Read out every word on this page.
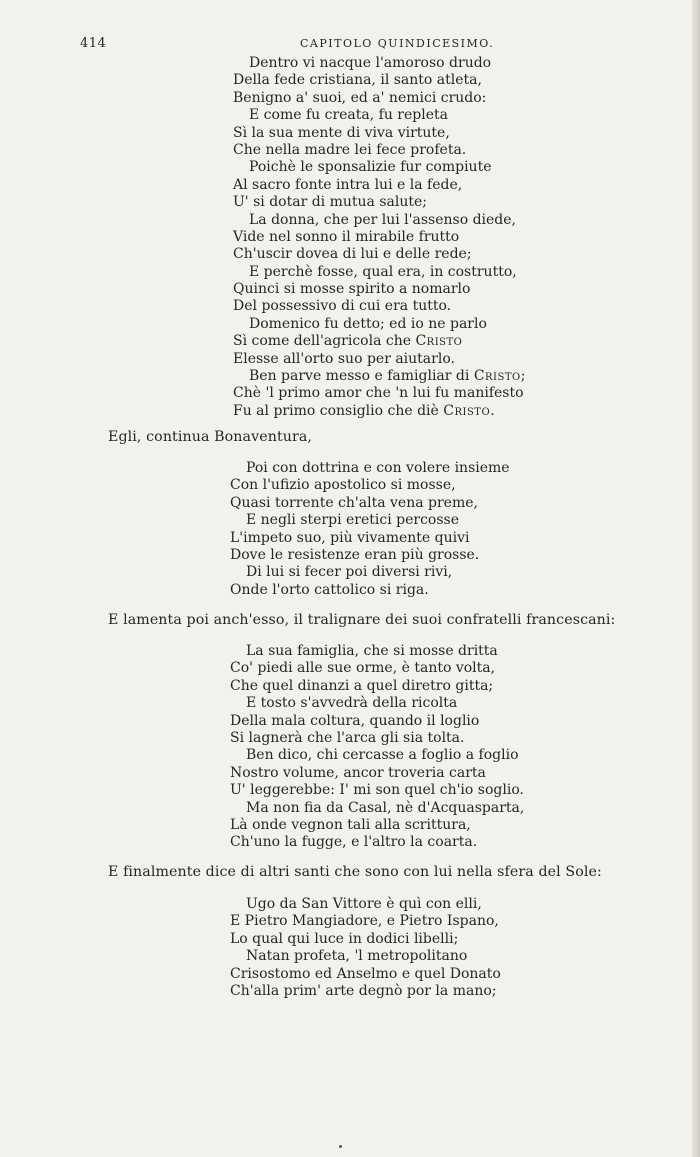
414	CAPITOLO QUINDICESIMO.
Dentro vi nacque l'amoroso drudo
Della fede cristiana, il santo atleta,
Benigno a' suoi, ed a' nemici crudo:
E come fu creata, fu repleta
Sì la sua mente di viva virtute,
Che nella madre lei fece profeta.
Poichè le sponsalizie fur compiute
Al sacro fonte intra lui e la fede,
U' si dotar di mutua salute;
La donna, che per lui l'assenso diede,
Vide nel sonno il mirabile frutto
Ch'uscir dovea di lui e delle rede;
E perchè fosse, qual era, in costrutto,
Quinci si mosse spirito a nomarlo
Del possessivo di cui era tutto.
Domenico fu detto; ed io ne parlo
Sì come dell'agricola che Cristo
Elesse all'orto suo per aiutarlo.
Ben parve messo e famigliar di Cristo;
Chè 'l primo amor che 'n lui fu manifesto
Fu al primo consiglio che diè Cristo.
Egli, continua Bonaventura,
Poi con dottrina e con volere insieme
Con l'ufizio apostolico si mosse,
Quasi torrente ch'alta vena preme,
E negli sterpi eretici percosse
L'impeto suo, più vivamente quivi
Dove le resistenze eran più grosse.
Di lui si fecer poi diversi rivi,
Onde l'orto cattolico si riga.
E lamenta poi anch'esso, il tralignare dei suoi confratelli francescani:
La sua famiglia, che si mosse dritta
Co' piedi alle sue orme, è tanto volta,
Che quel dinanzi a quel diretro gitta;
E tosto s'avvedrà della ricolta
Della mala coltura, quando il loglio
Si lagnerà che l'arca gli sia tolta.
Ben dico, chi cercasse a foglio a foglio
Nostro volume, ancor troveria carta
U' leggerebbe: I' mi son quel ch'io soglio.
Ma non fia da Casal, nè d'Acquasparta,
Là onde vegnon tali alla scrittura,
Ch'uno la fugge, e l'altro la coarta.
E finalmente dice di altri santi che sono con lui nella sfera del Sole:
Ugo da San Vittore è quì con elli,
E Pietro Mangiadore, e Pietro Ispano,
Lo qual qui luce in dodici libelli;
Natan profeta, 'l metropolitano
Crisostomo ed Anselmo e quel Donato
Ch'alla prim' arte degnò por la mano;
